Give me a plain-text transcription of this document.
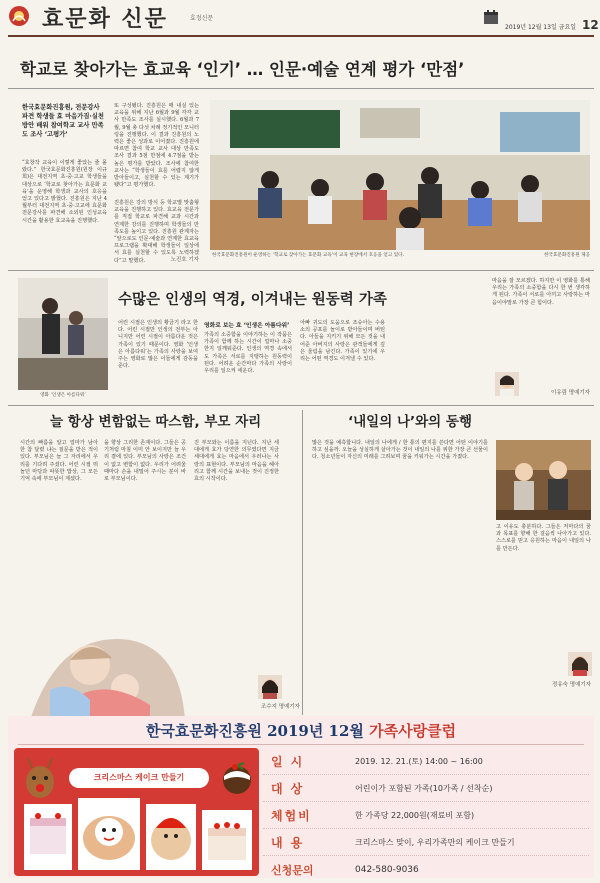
효문화 신문	효정신문
2019년 12월 13일 금요일 12
학교로 찾아가는 효교육 ‘인기’ … 인문·예술 연계 평가 ‘만점’
한국효문화진흥원, 전문강사 파견 학생들 효 마음가짐·실천방안 배워 참여학교 교사 만족도 조사 ‘고평가’
“효창작 교육이 이렇게 좋았는 줄 몰랐다.” 한국효문화진흥원(원장 이규희)은 대전지역 초·중·고교 학생들을 대상으로 ‘학교로 찾아가는 효문화 교육’을 운영해 학생과 교사의 호응을 얻고 있다고 밝혔다. 진흥원은 지난 4월부터 대전지역 초·중·고교에 효문화 전문강사를 파견해 소외된 인성교육 시간을 활용한 효교육을 진행했다.
또 구성됐다. 진흥원은 매 내실 있는 교육을 위해 지난 6월과 9월 각각 교사 만족도 조사를 실시했다. 6월과 7월, 9월 총 다섯 차례 정기적인 모니터링을 진행했다. 이 결과 진흥원의 노력은 좋은 성과로 이어졌다. 진흥원에 따르면 참여 학교 교사 대상 만족도 조사 결과 5점 만점에 4.7점을 받는 높은 평가를 받았다. 조사에 참여한 교사는 “학생들이 효를 어렵지 않게 받아들이고, 실천할 수 있는 계기가 됐다”고 평가했다.
진흥원은 강의 방식 등 학교별 맞춤형 교육을 진행하고 있다. 효교육 전문가를 직접 학교로 파견해 교과 시간과 연계한 강의를 진행하며 학생들의 만족도를 높이고 있다. 진흥원 관계자는 “앞으로도 인문·예술과 연계한 효교육 프로그램을 확대해 학생들이 일상에서 효를 실천할 수 있도록 노력하겠다”고 말했다.	노진호 기자
한국효문화진흥원이 운영하는 ‘학교로 찾아가는 효문화 교육’이 교육 현장에서 호응을 얻고 있다.	한국효문화진흥원 제공
영화 ‘인생은 아름다워’
수많은 인생의 역경, 이겨내는 원동력 가족
어린 시절은 인생의 황금기 라고 한다. 어린 시절만 인생의 전부는 아니지만 어린 시절이 아름다운 것은 가족이 있기 때문이다. 영화 ‘인생은 아름다워’는 가족의 사랑을 보여주는 영화로 많은 이들에게 감동을 준다.
영화로 보는 효 ‘인생은 아름다워’
가족의 소중함을 이야기하는 이 작품은 가족이 함께 하는 시간이 얼마나 소중한지 일깨워준다. 인생의 역경 속에서도 가족은 서로를 지탱하는 원동력이 된다. 어려운 순간마다 가족의 사랑이 우리를 일으켜 세운다.
아빠 귀도의 도움으로 조슈아는 수용소의 공포를 놀이로 받아들이며 버틴다. 아들을 지키기 위해 모든 것을 내어준 아버지의 사랑은 관객들에게 깊은 울림을 남긴다. 가족이 있기에 우리는 어떤 역경도 이겨낼 수 있다.
마음을 잘 모르겠다. 하지만 이 영화를 통해 우리는 가족의 소중함을 다시 한 번 생각하게 된다. 가족이 서로를 아끼고 사랑하는 마음이야말로 가장 큰 힘이다.
이유림 명예기자
늘 항상 변함없는 따스함, 부모 자리
시간의 빠름을 알고 얼마가 남아 한 참 달렸 냐는 질문을 받은 적이 있다. 부모님은 늘 그 자리에서 우리를 기다려 주셨다. 어린 시절 뛰놀던 마당과 따뜻한 밥상, 그 모든 기억 속에 부모님이 계셨다.
을 향상 그리한 존재이다. 그들은 공기처럼 마침 이미 안 보이지만 늘 우리 곁에 있다. 부모님의 사랑은 조건이 없고 변함이 없다. 우리가 어려울 때마다 손을 내밀어 주시는 분이 바로 부모님이다.
진 부모와는 이름을 지닌다. 지난 세대에게 효가 당연한 의무였다면 지금 세대에게 효는 마음에서 우러나는 사랑의 표현이다. 부모님의 마음을 헤아리고 함께 시간을 보내는 것이 진정한 효의 시작이다.
조수지 명예기자
‘내일의 나’와의 동행
많은 것을 예측합니다. 내일의 나에게 / 한 통의 편지를 쓴다면 어떤 이야기를 하고 싶을까. 오늘을 성실하게 살아가는 것이 내일의 나를 위한 가장 큰 선물이다. 청소년들이 자신의 미래를 그려보며 꿈을 키워가는 시간을 가졌다.
고 이유도 충분하다. 그들은 저마다의 꿈과 목표를 향해 한 걸음씩 나아가고 있다. 스스로를 믿고 응원하는 마음이 내일의 나를 만든다.
정유숙 명예기자
한국효문화진흥원 2019년 12월 가족사랑클럽
크리스마스 케이크 만들기
일시	2019. 12. 21.(토) 14:00 ~ 16:00
대상	어린이가 포함된 가족(10가족 / 선착순)
체험비	한 가족당 22,000원(재료비 포함)
내용	크리스마스 맞이, 우리가족만의 케이크 만들기
신청문의	042-580-9036
